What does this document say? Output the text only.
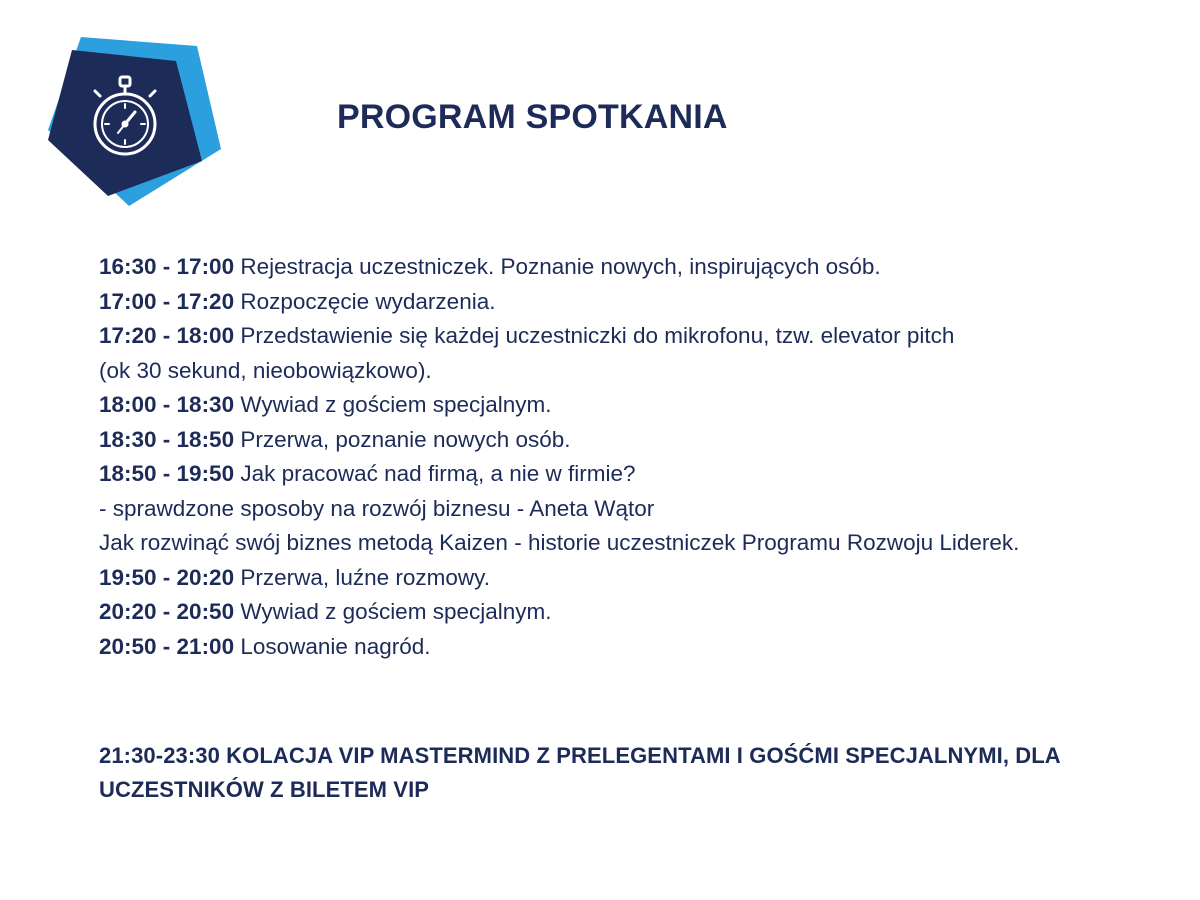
PROGRAM SPOTKANIA
16:30 - 17:00 Rejestracja uczestniczek. Poznanie nowych, inspirujących osób.
17:00 - 17:20 Rozpoczęcie wydarzenia.
17:20 - 18:00 Przedstawienie się każdej uczestniczki do mikrofonu, tzw. elevator pitch
(ok 30 sekund, nieobowiązkowo).
18:00 - 18:30 Wywiad z gościem specjalnym.
18:30 - 18:50 Przerwa, poznanie nowych osób.
18:50 - 19:50 Jak pracować nad firmą, a nie w firmie?
- sprawdzone sposoby na rozwój biznesu - Aneta Wątor
Jak rozwinąć swój biznes metodą Kaizen - historie uczestniczek Programu Rozwoju Liderek.
19:50 - 20:20 Przerwa, luźne rozmowy.
20:20 - 20:50 Wywiad z gościem specjalnym.
20:50 - 21:00 Losowanie nagród.

21:30-23:30 KOLACJA VIP MASTERMIND Z PRELEGENTAMI I GOŚĆMI SPECJALNYMI, DLA UCZESTNIKÓW Z BILETEM VIP
